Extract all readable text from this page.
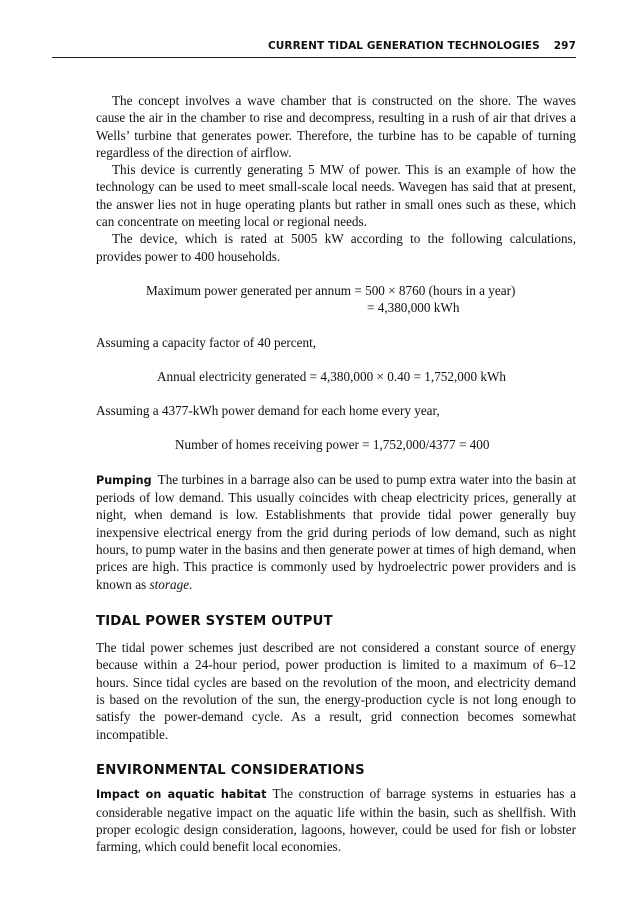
CURRENT TIDAL GENERATION TECHNOLOGIES 297

The concept involves a wave chamber that is constructed on the shore. The waves cause the air in the chamber to rise and decompress, resulting in a rush of air that drives a Wells’ turbine that generates power. Therefore, the turbine has to be capable of turning regardless of the direction of airflow.

This device is currently generating 5 MW of power. This is an example of how the technology can be used to meet small-scale local needs. Wavegen has said that at present, the answer lies not in huge operating plants but rather in small ones such as these, which can concentrate on meeting local or regional needs.

The device, which is rated at 5005 kW according to the following calculations, provides power to 400 households.

Maximum power generated per annum = 500 × 8760 (hours in a year)
= 4,380,000 kWh

Assuming a capacity factor of 40 percent,

Annual electricity generated = 4,380,000 × 0.40 = 1,752,000 kWh

Assuming a 4377-kWh power demand for each home every year,

Number of homes receiving power = 1,752,000/4377 = 400

Pumping The turbines in a barrage also can be used to pump extra water into the basin at periods of low demand. This usually coincides with cheap electricity prices, generally at night, when demand is low. Establishments that provide tidal power generally buy inexpensive electrical energy from the grid during periods of low demand, such as night hours, to pump water in the basins and then generate power at times of high demand, when prices are high. This practice is commonly used by hydroelectric power providers and is known as storage.

TIDAL POWER SYSTEM OUTPUT

The tidal power schemes just described are not considered a constant source of energy because within a 24-hour period, power production is limited to a maximum of 6–12 hours. Since tidal cycles are based on the revolution of the moon, and electricity demand is based on the revolution of the sun, the energy-production cycle is not long enough to satisfy the power-demand cycle. As a result, grid connection becomes somewhat incompatible.

ENVIRONMENTAL CONSIDERATIONS

Impact on aquatic habitat The construction of barrage systems in estuaries has a considerable negative impact on the aquatic life within the basin, such as shellfish. With proper ecologic design consideration, lagoons, however, could be used for fish or lobster farming, which could benefit local economies.
